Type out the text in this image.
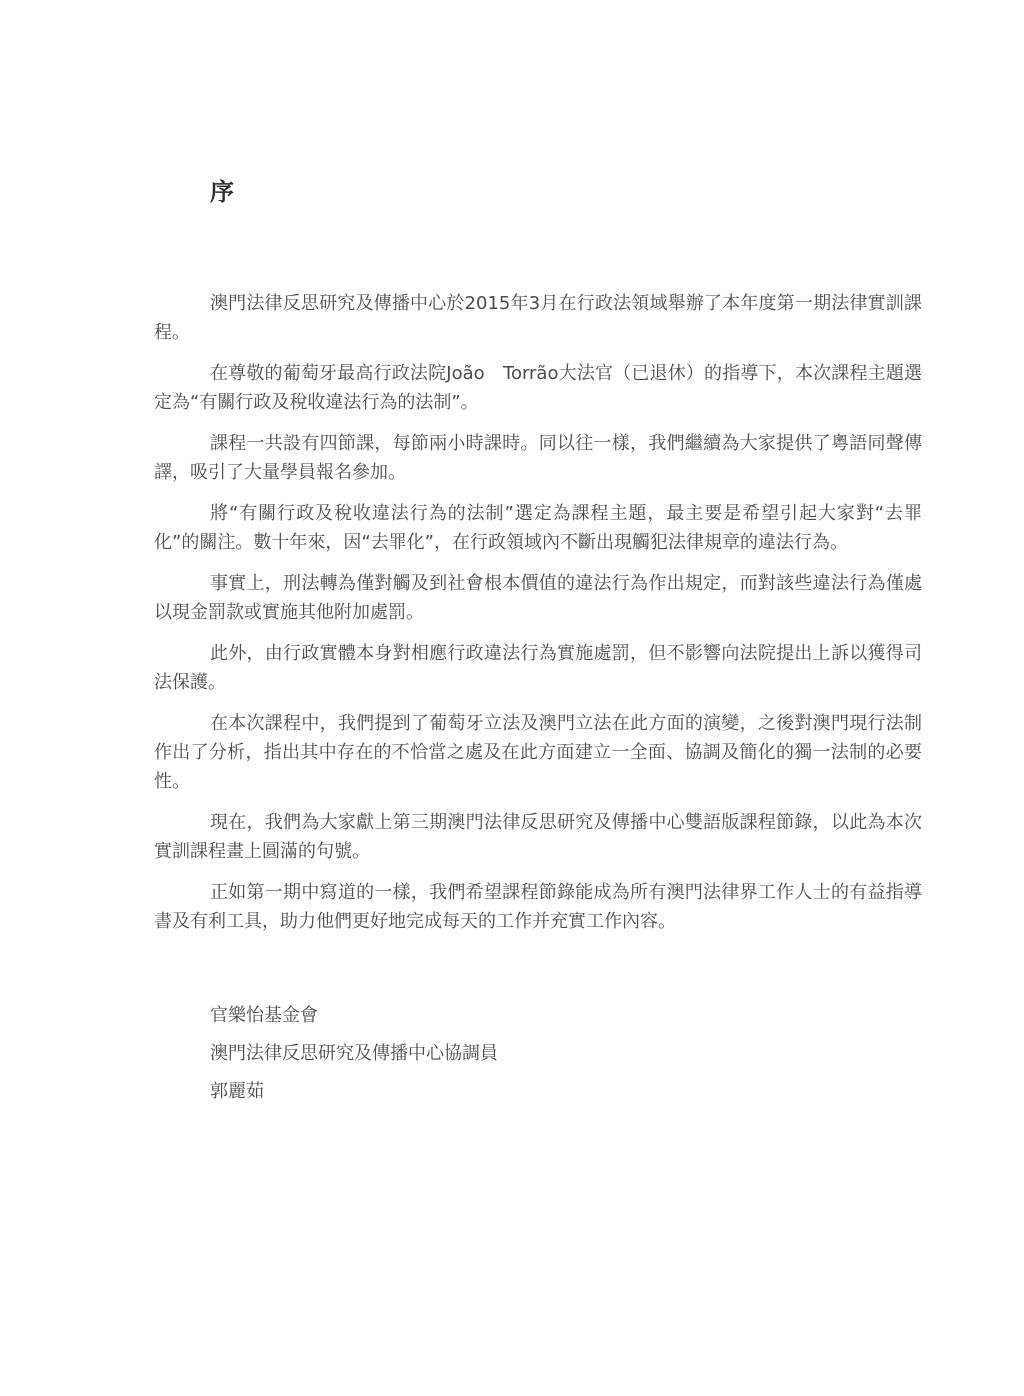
序

澳門法律反思研究及傳播中心於2015年3月在行政法領域舉辦了本年度第一期法律實訓課程。

在尊敬的葡萄牙最高行政法院João　Torrão大法官（已退休）的指導下，本次課程主題選定為“有關行政及稅收違法行為的法制”。

課程一共設有四節課，每節兩小時課時。同以往一樣，我們繼續為大家提供了粵語同聲傳譯，吸引了大量學員報名參加。

將“有關行政及稅收違法行為的法制”選定為課程主題，最主要是希望引起大家對“去罪化”的關注。數十年來，因“去罪化”，在行政領域內不斷出現觸犯法律規章的違法行為。

事實上，刑法轉為僅對觸及到社會根本價值的違法行為作出規定，而對該些違法行為僅處以現金罰款或實施其他附加處罰。

此外，由行政實體本身對相應行政違法行為實施處罰，但不影響向法院提出上訴以獲得司法保護。

在本次課程中，我們提到了葡萄牙立法及澳門立法在此方面的演變，之後對澳門現行法制作出了分析，指出其中存在的不恰當之處及在此方面建立一全面、協調及簡化的獨一法制的必要性。

現在，我們為大家獻上第三期澳門法律反思研究及傳播中心雙語版課程節錄，以此為本次實訓課程畫上圓滿的句號。

正如第一期中寫道的一樣，我們希望課程節錄能成為所有澳門法律界工作人士的有益指導書及有利工具，助力他們更好地完成每天的工作并充實工作內容。

官樂怡基金會
澳門法律反思研究及傳播中心協調員
郭麗茹
